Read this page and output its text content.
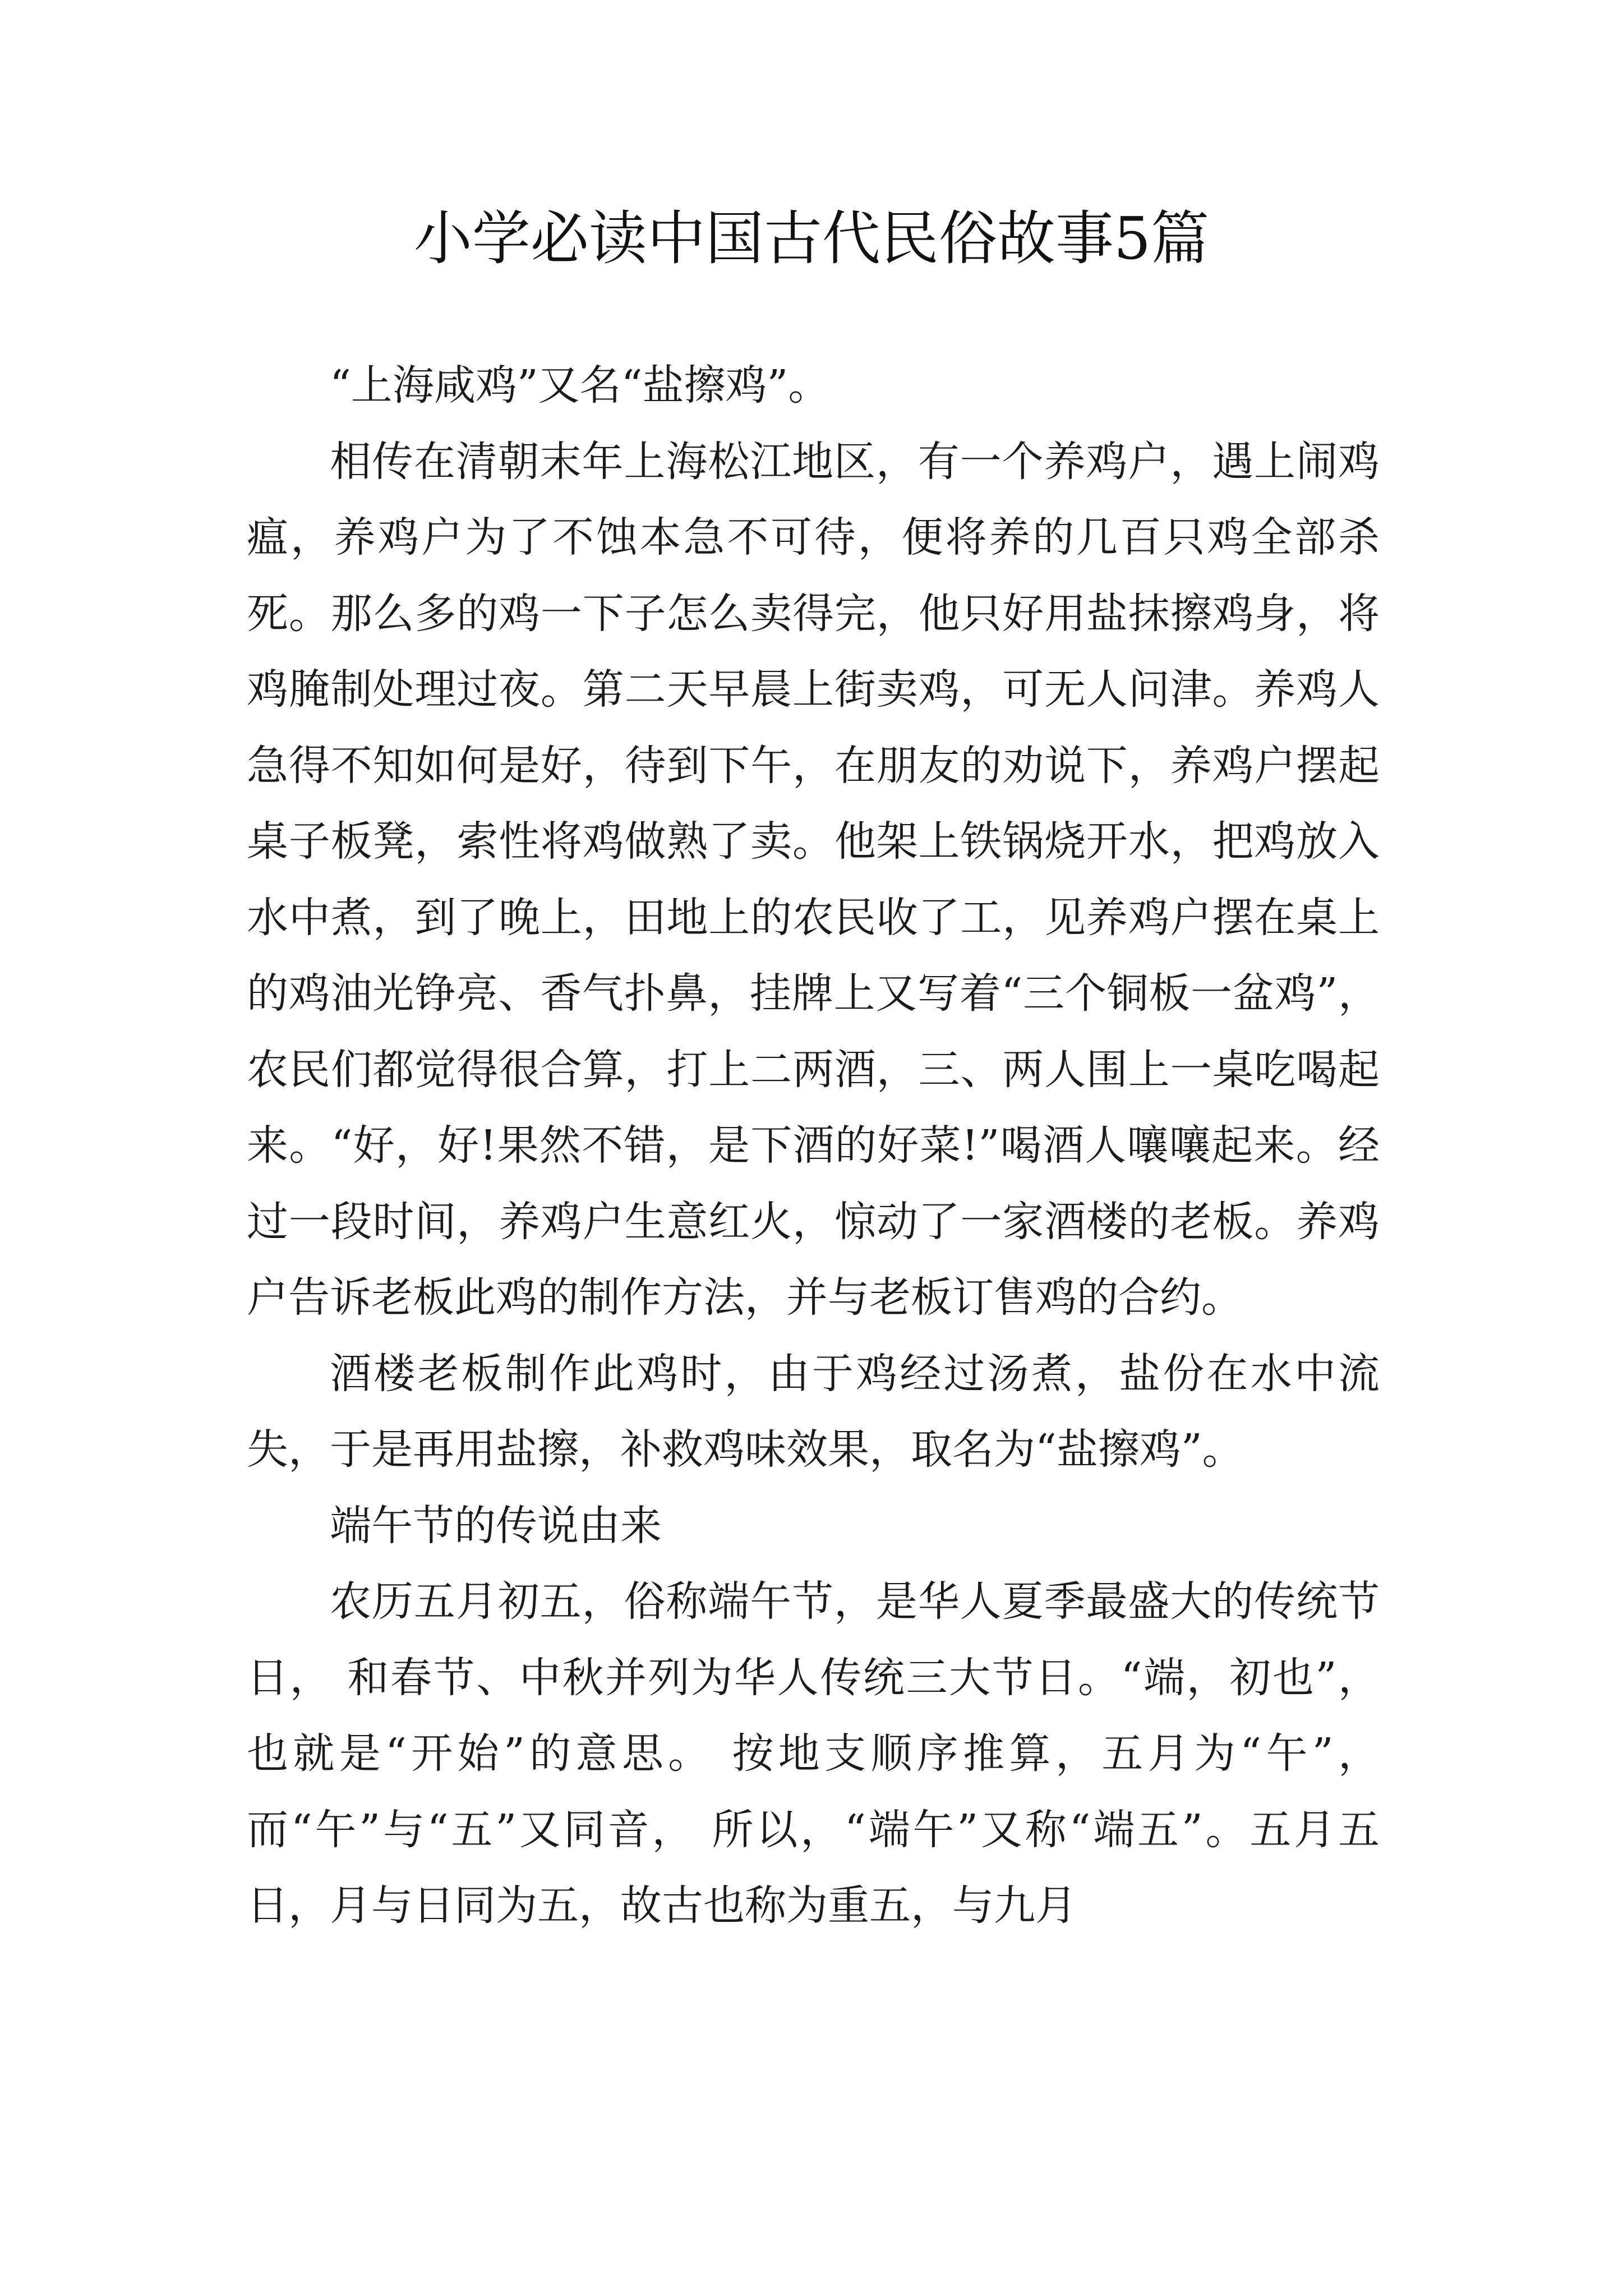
小学必读中国古代民俗故事5篇

“上海咸鸡”又名“盐擦鸡”。

相传在清朝末年上海松江地区，有一个养鸡户，遇上闹鸡瘟，养鸡户为了不蚀本急不可待，便将养的几百只鸡全部杀死。那么多的鸡一下子怎么卖得完，他只好用盐抹擦鸡身，将鸡腌制处理过夜。第二天早晨上街卖鸡，可无人问津。养鸡人急得不知如何是好，待到下午，在朋友的劝说下，养鸡户摆起桌子板凳，索性将鸡做熟了卖。他架上铁锅烧开水，把鸡放入水中煮，到了晚上，田地上的农民收了工，见养鸡户摆在桌上的鸡油光铮亮、香气扑鼻，挂牌上又写着“三个铜板一盆鸡”，农民们都觉得很合算，打上二两酒，三、两人围上一桌吃喝起来。“好，好!果然不错，是下酒的好菜!”喝酒人嚷嚷起来。经过一段时间，养鸡户生意红火，惊动了一家酒楼的老板。养鸡户告诉老板此鸡的制作方法，并与老板订售鸡的合约。

酒楼老板制作此鸡时，由于鸡经过汤煮，盐份在水中流失，于是再用盐擦，补救鸡味效果，取名为“盐擦鸡”。

端午节的传说由来

农历五月初五，俗称端午节，是华人夏季最盛大的传统节日， 和春节、中秋并列为华人传统三大节日。“端，初也”，也就是“开始”的意思。 按地支顺序推算，五月为“午”，而“午”与“五”又同音， 所以，“端午”又称“端五”。五月五日，月与日同为五，故古也称为重五，与九月
